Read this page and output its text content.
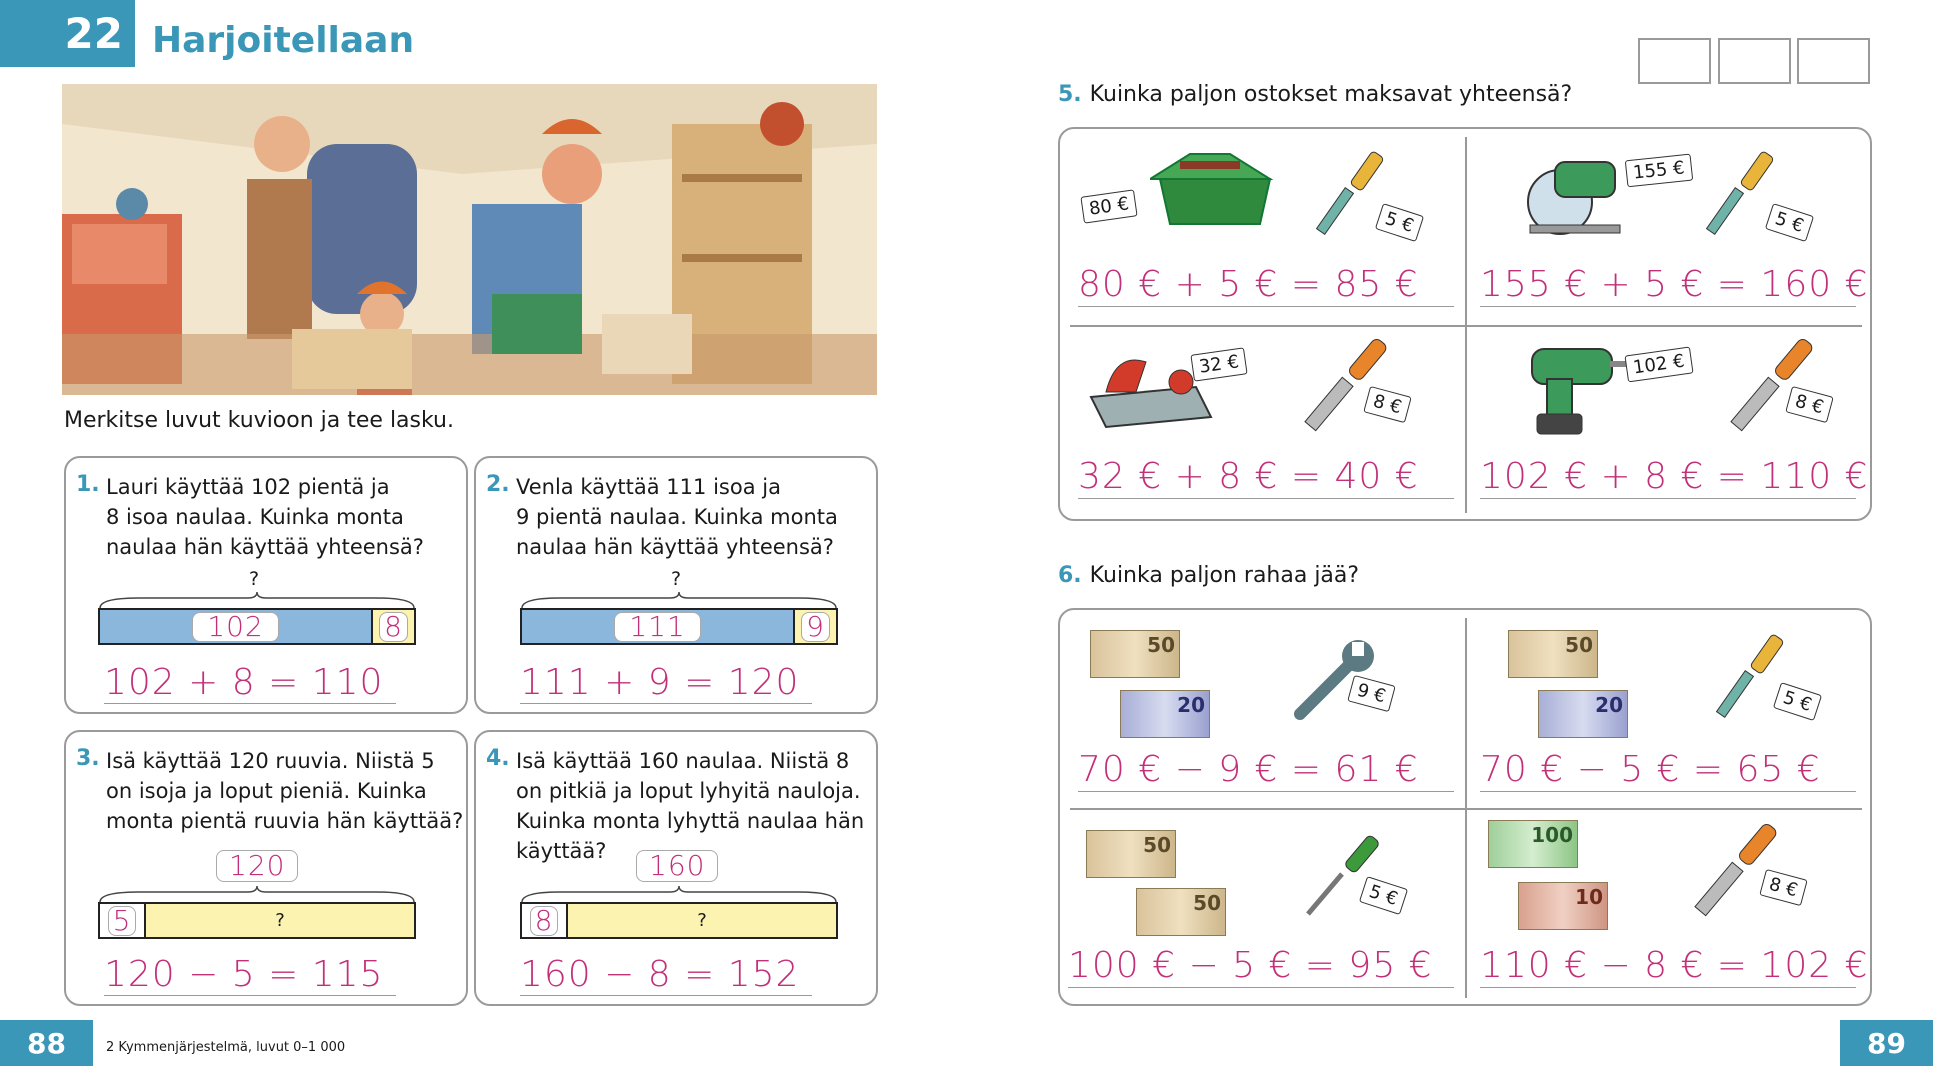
22 Harjoitellaan
Merkitse luvut kuvioon ja tee lasku.
1. Lauri käyttää 102 pientä ja
8 isoa naulaa. Kuinka monta
naulaa hän käyttää yhteensä?
?
102	8
102 + 8 = 110
2. Venla käyttää 111 isoa ja
9 pientä naulaa. Kuinka monta
naulaa hän käyttää yhteensä?
?
111	9
111 + 9 = 120
3. Isä käyttää 120 ruuvia. Niistä 5
on isoja ja loput pieniä. Kuinka
monta pientä ruuvia hän käyttää?
120
5	?
120 − 5 = 115
4. Isä käyttää 160 naulaa. Niistä 8
on pitkiä ja loput lyhyitä nauloja.
Kuinka monta lyhyttä naulaa hän
käyttää?	160
8	?
160 − 8 = 152
5. Kuinka paljon ostokset maksavat yhteensä?
80 €
5 €
80 € + 5 € = 85 €
155 €
5 €
155 € + 5 € = 160 €
32 €
8 €
32 € + 8 € = 40 €
102 €
8 €
102 € + 8 € = 110 €
6. Kuinka paljon rahaa jää?
50
20	9 €
70 € − 9 € = 61 €
50
20	5 €
70 € − 5 € = 65 €
50
50	5 €
100 € − 5 € = 95 €
100
10	8 €
110 € − 8 € = 102 €
88	2 Kymmenjärjestelmä, luvut 0–1 000	89
